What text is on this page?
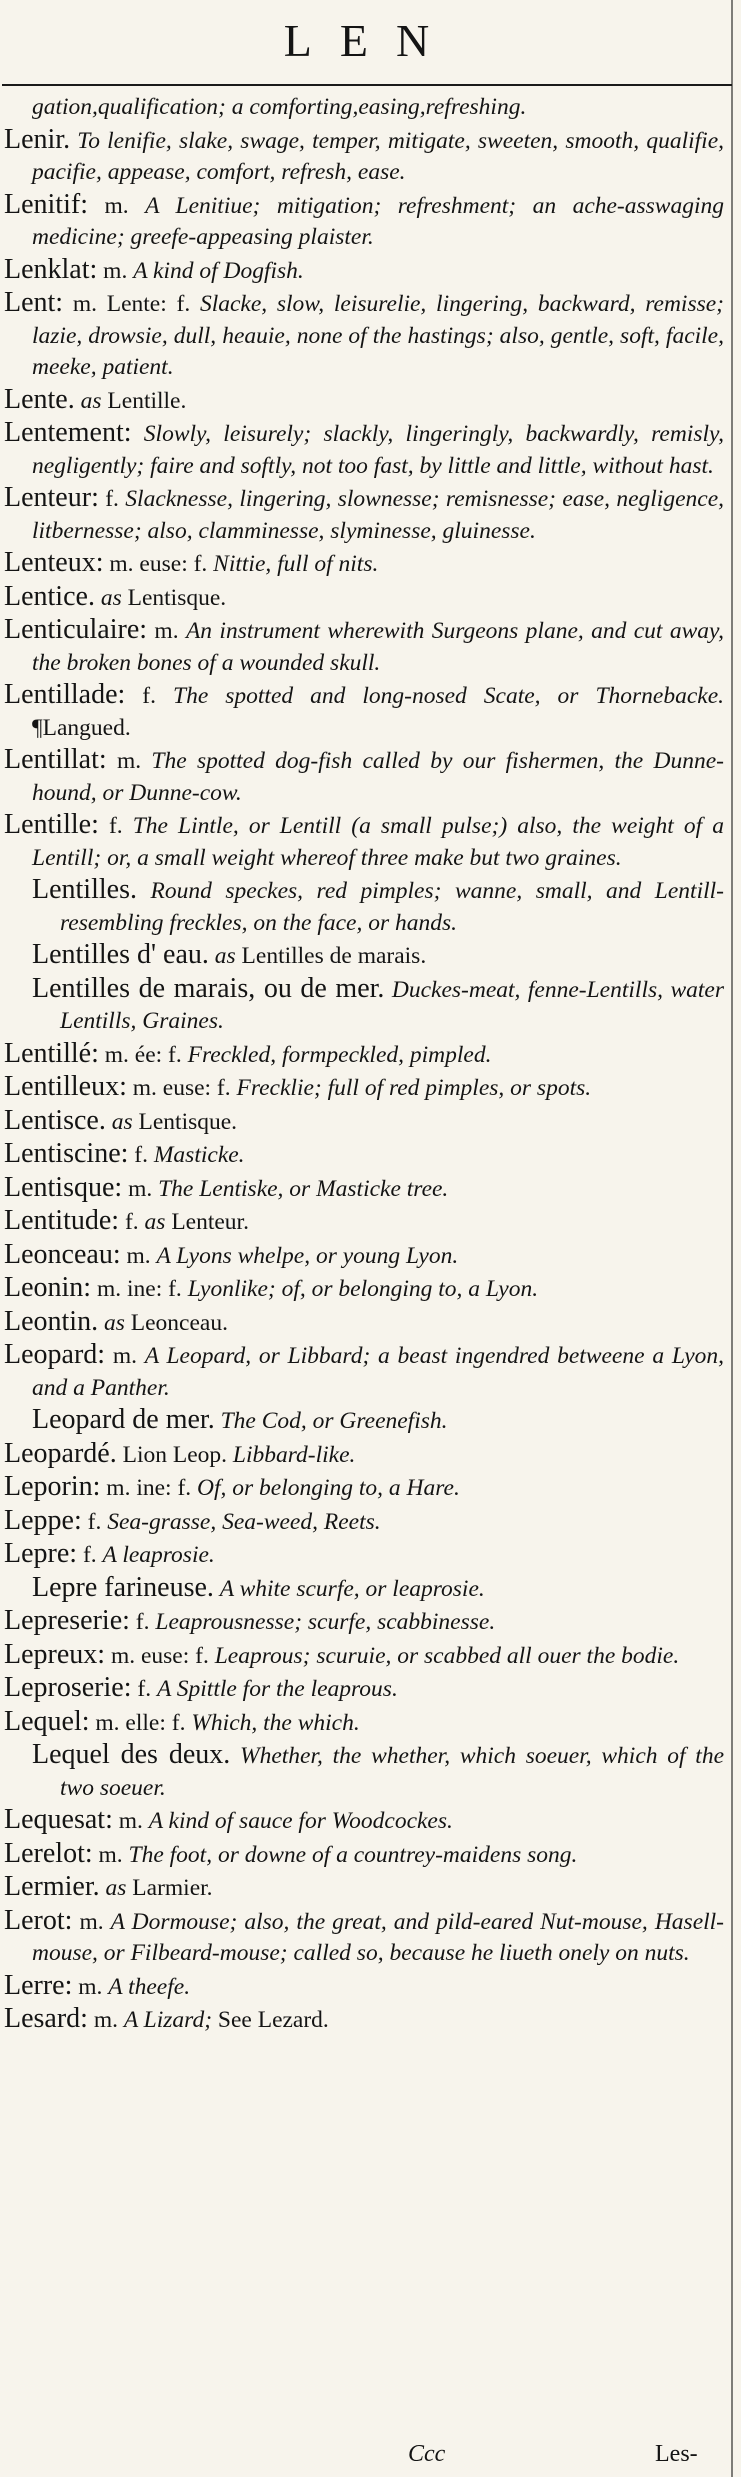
LEN

gation,qualification; a comforting,easing,refreshing.

Lenir. To lenifie, slake, swage, temper, mitigate, sweeten, smooth, qualifie, pacifie, appease, comfort, refresh, ease.

Lenitif: m. A Lenitiue; mitigation; refreshment; an ache-asswaging medicine; greefe-appeasing plaister.

Lenklat: m. A kind of Dogfish.

Lent: m. Lente: f. Slacke, slow, leisurelie, lingering, backward, remisse; lazie, drowsie, dull, heauie, none of the hastings; also, gentle, soft, facile, meeke, patient.

Lente. as Lentille.

Lentement: Slowly, leisurely; slackly, lingeringly, backwardly, remisly, negligently; faire and softly, not too fast, by little and little, without hast.

Lenteur: f. Slacknesse, lingering, slownesse; remisnesse; ease, negligence, litbernesse; also, clamminesse, slyminesse, gluinesse.

Lenteux: m. euse: f. Nittie, full of nits.

Lentice. as Lentisque.

Lenticulaire: m. An instrument wherewith Surgeons plane, and cut away, the broken bones of a wounded skull.

Lentillade: f. The spotted and long-nosed Scate, or Thornebacke. ¶Langued.

Lentillat: m. The spotted dog-fish called by our fishermen, the Dunne-hound, or Dunne-cow.

Lentille: f. The Lintle, or Lentill (a small pulse;) also, the weight of a Lentill; or, a small weight whereof three make but two graines.

Lentilles. Round speckes, red pimples; wanne, small, and Lentill-resembling freckles, on the face, or hands.

Lentilles d' eau. as Lentilles de marais.

Lentilles de marais, ou de mer. Duckes-meat, fenne-Lentills, water Lentills, Graines.

Lentillé: m. ée: f. Freckled, formpeckled, pimpled.

Lentilleux: m. euse: f. Frecklie; full of red pimples, or spots.

Lentisce. as Lentisque.

Lentiscine: f. Masticke.

Lentisque: m. The Lentiske, or Masticke tree.

Lentitude: f. as Lenteur.

Leonceau: m. A Lyons whelpe, or young Lyon.

Leonin: m. ine: f. Lyonlike; of, or belonging to, a Lyon.

Leontin. as Leonceau.

Leopard: m. A Leopard, or Libbard; a beast ingendred betweene a Lyon, and a Panther.

Leopard de mer. The Cod, or Greenefish.

Leopardé. Lion Leop. Libbard-like.

Leporin: m. ine: f. Of, or belonging to, a Hare.

Leppe: f. Sea-grasse, Sea-weed, Reets.

Lepre: f. A leaprosie.

Lepre farineuse. A white scurfe, or leaprosie.

Lepreserie: f. Leaprousnesse; scurfe, scabbinesse.

Lepreux: m. euse: f. Leaprous; scuruie, or scabbed all ouer the bodie.

Leproserie: f. A Spittle for the leaprous.

Lequel: m. elle: f. Which, the which.

Lequel des deux. Whether, the whether, which soeuer, which of the two soeuer.

Lequesat: m. A kind of sauce for Woodcockes.

Lerelot: m. The foot, or downe of a countrey-maidens song.

Lermier. as Larmier.

Lerot: m. A Dormouse; also, the great, and pild-eared Nut-mouse, Hasell-mouse, or Filbeard-mouse; called so, because he liueth onely on nuts.

Lerre: m. A theefe.

Lesard: m. A Lizard; See Lezard.

Ccc	Les-
